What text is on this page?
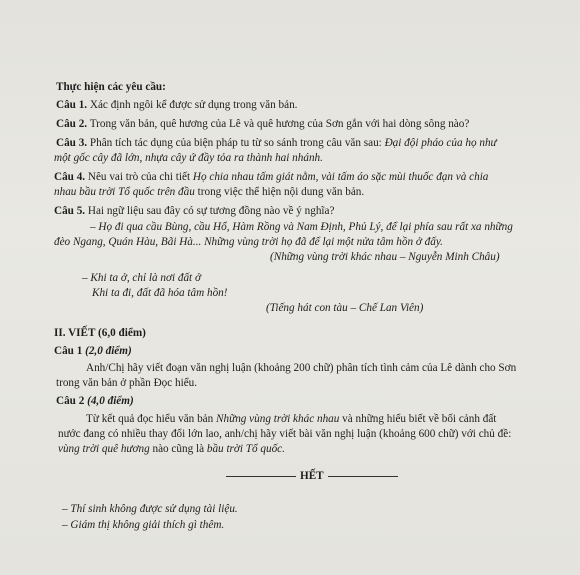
Thực hiện các yêu cầu:

Câu 1. Xác định ngôi kể được sử dụng trong văn bản.

Câu 2. Trong văn bản, quê hương của Lê và quê hương của Sơn gắn với hai dòng sông nào?

Câu 3. Phân tích tác dụng của biện pháp tu từ so sánh trong câu văn sau: Đại đội pháo của họ như

một gốc cây đã lớn, nhựa cây ứ đầy tỏa ra thành hai nhánh.

Câu 4. Nêu vai trò của chi tiết Họ chia nhau tấm giát nằm, vài tấm áo sặc mùi thuốc đạn và chia

nhau bầu trời Tổ quốc trên đầu trong việc thể hiện nội dung văn bản.

Câu 5. Hai ngữ liệu sau đây có sự tương đồng nào về ý nghĩa?

– Họ đi qua cầu Bùng, cầu Hổ, Hàm Rồng và Nam Định, Phủ Lý, để lại phía sau rất xa những

đèo Ngang, Quán Hàu, Bãi Hà... Những vùng trời họ đã để lại một nửa tâm hồn ở đấy.

(Những vùng trời khác nhau – Nguyễn Minh Châu)

– Khi ta ở, chỉ là nơi đất ở

Khi ta đi, đất đã hóa tâm hồn!

(Tiếng hát con tàu – Chế Lan Viên)

II. VIẾT (6,0 điểm)

Câu 1 (2,0 điểm)

Anh/Chị hãy viết đoạn văn nghị luận (khoảng 200 chữ) phân tích tình cảm của Lê dành cho Sơn

trong văn bản ở phần Đọc hiểu.

Câu 2 (4,0 điểm)

Từ kết quả đọc hiểu văn bản Những vùng trời khác nhau và những hiểu biết về bối cảnh đất

nước đang có nhiều thay đổi lớn lao, anh/chị hãy viết bài văn nghị luận (khoảng 600 chữ) với chủ đề:

vùng trời quê hương nào cũng là bầu trời Tổ quốc.

HẾT

– Thí sinh không được sử dụng tài liệu.

– Giám thị không giải thích gì thêm.
